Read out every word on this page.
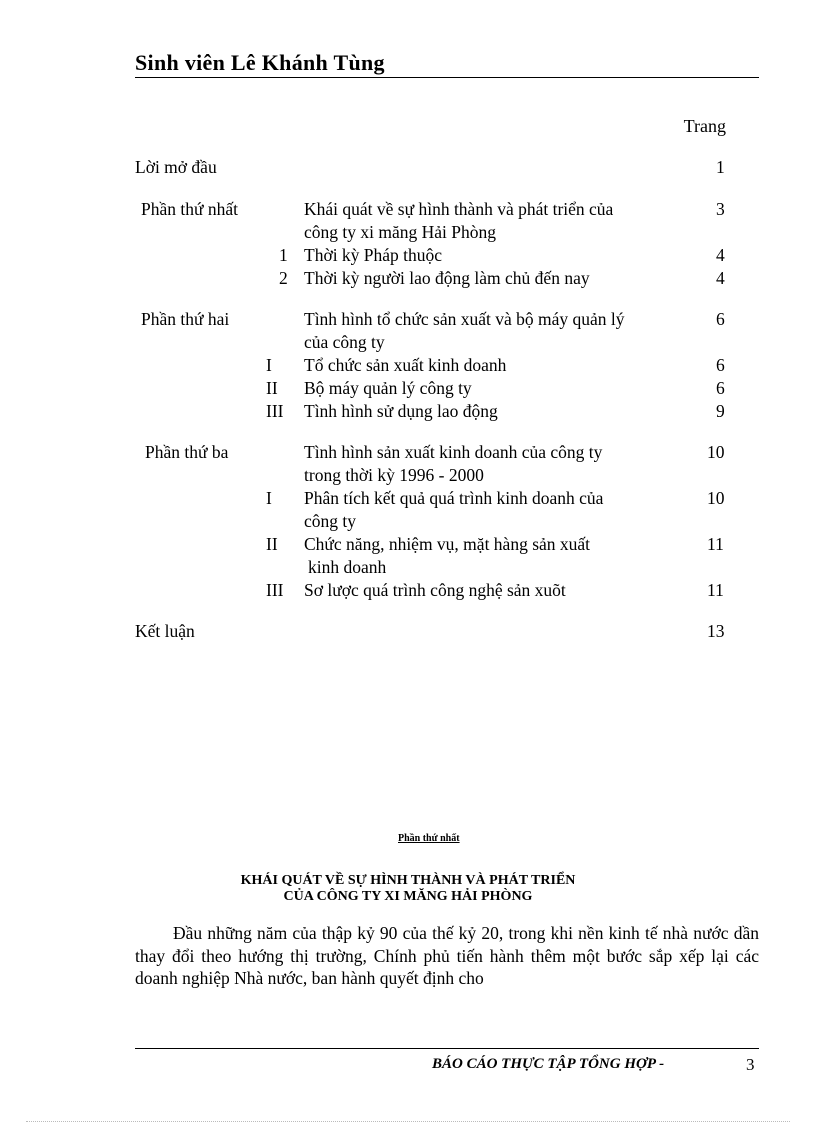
Sinh viên Lê Khánh Tùng
Trang
Lời mở đầu	1
Phần thứ nhất	Khái quát về sự hình thành và phát triển của	3
công ty xi măng Hải Phòng
1 Thời kỳ Pháp thuộc	4
2 Thời kỳ người lao động làm chủ đến nay	4
Phần thứ hai	Tình hình tổ chức sản xuất và bộ máy quản lý	6
của công ty
I Tổ chức sản xuất kinh doanh	6
II Bộ máy quản lý công ty	6
III Tình hình sử dụng lao động	9
Phần thứ ba	Tình hình sản xuất kinh doanh của công ty	10
trong thời kỳ 1996 - 2000
I Phân tích kết quả quá trình kinh doanh của	10
công ty
II Chức năng, nhiệm vụ, mặt hàng sản xuất	11
kinh doanh
III Sơ lược quá trình công nghệ sản xuõt	11
Kết luận	13
Phần thứ nhất
KHÁI QUÁT VỀ SỰ HÌNH THÀNH VÀ PHÁT TRIỂN
CỦA CÔNG TY XI MĂNG HẢI PHÒNG
Đầu những năm của thập kỷ 90 của thế kỷ 20, trong khi nền kinh tế nhà nước dần thay đổi theo hướng thị trường, Chính phủ tiến hành thêm một bước sắp xếp lại các doanh nghiệp Nhà nước, ban hành quyết định cho
BÁO CÁO THỰC TẬP TỔNG HỢP -	3
